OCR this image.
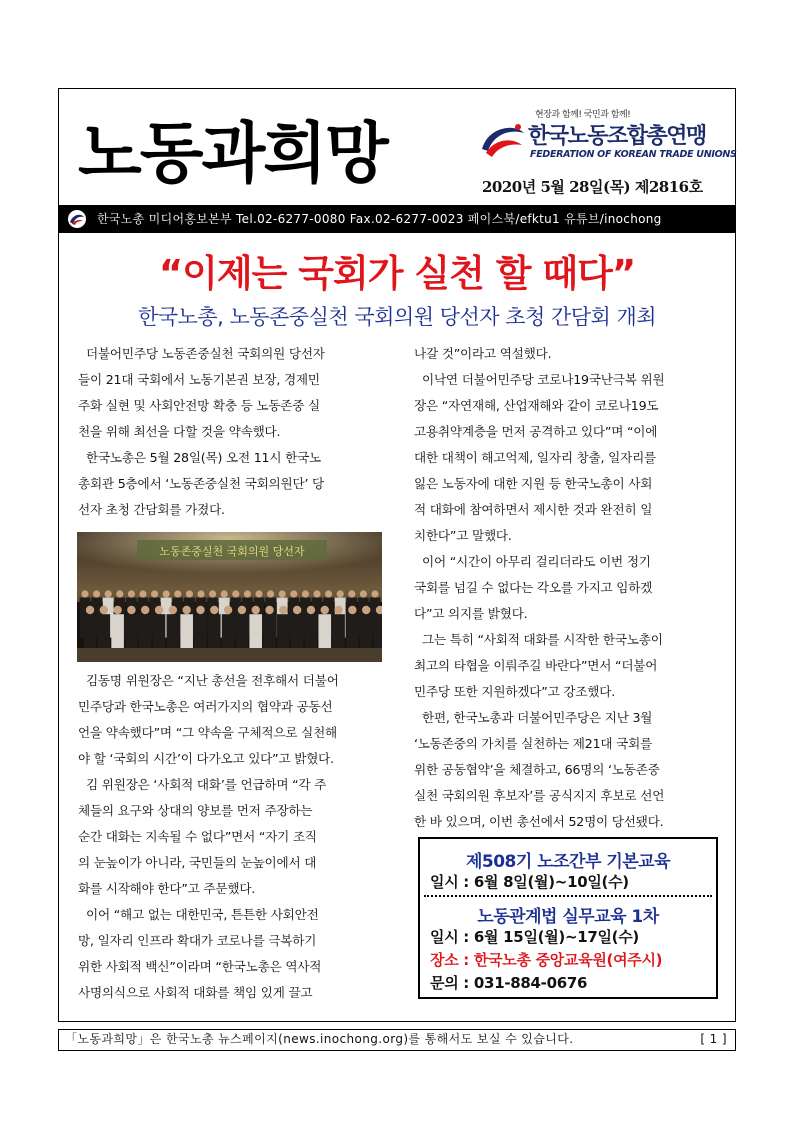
노동과희망	현장과 함께! 국민과 함께!
한국노동조합총연맹
FEDERATION OF KOREAN TRADE UNIONS
2020년 5월 28일(목) 제2816호
한국노총 미디어홍보본부 Tel.02-6277-0080 Fax.02-6277-0023 페이스북/efktu1 유튜브/inochong
“이제는 국회가 실천 할 때다”
한국노총, 노동존중실천 국회의원 당선자 초청 간담회 개최
더불어민주당 노동존중실천 국회의원 당선자
들이 21대 국회에서 노동기본권 보장, 경제민
주화 실현 및 사회안전망 확충 등 노동존중 실
천을 위해 최선을 다할 것을 약속했다.
한국노총은 5월 28일(목) 오전 11시 한국노
총회관 5층에서 ‘노동존중실천 국회의원단’ 당
선자 초청 간담회를 가졌다.
노동존중실천 국회의원 당선자
김동명 위원장은 “지난 총선을 전후해서 더불어
민주당과 한국노총은 여러가지의 협약과 공동선
언을 약속했다”며 “그 약속을 구체적으로 실천해
야 할 ‘국회의 시간’이 다가오고 있다”고 밝혔다.
김 위원장은 ‘사회적 대화’를 언급하며 “각 주
체들의 요구와 상대의 양보를 먼저 주장하는
순간 대화는 지속될 수 없다”면서 “자기 조직
의 눈높이가 아니라, 국민들의 눈높이에서 대
화를 시작해야 한다”고 주문했다.
이어 “해고 없는 대한민국, 튼튼한 사회안전
망, 일자리 인프라 확대가 코로나를 극복하기
위한 사회적 백신”이라며 “한국노총은 역사적
사명의식으로 사회적 대화를 책임 있게 끌고
나갈 것”이라고 역설했다.
이낙연 더불어민주당 코로나19국난극복 위원
장은 “자연재해, 산업재해와 같이 코로나19도
고용취약계층을 먼저 공격하고 있다”며 “이에
대한 대책이 해고억제, 일자리 창출, 일자리를
잃은 노동자에 대한 지원 등 한국노총이 사회
적 대화에 참여하면서 제시한 것과 완전히 일
치한다”고 말했다.
이어 “시간이 아무리 걸리더라도 이번 정기
국회를 넘길 수 없다는 각오를 가지고 임하겠
다”고 의지를 밝혔다.
그는 특히 “사회적 대화를 시작한 한국노총이
최고의 타협을 이뤄주길 바란다”면서 “더불어
민주당 또한 지원하겠다”고 강조했다.
한편, 한국노총과 더불어민주당은 지난 3월
‘노동존중의 가치를 실천하는 제21대 국회를
위한 공동협약’을 체결하고, 66명의 ‘노동존중
실천 국회의원 후보자’를 공식지지 후보로 선언
한 바 있으며, 이번 총선에서 52명이 당선됐다.
제508기 노조간부 기본교육
일시 : 6월 8일(월)~10일(수)
노동관계법 실무교육 1차
일시 : 6월 15일(월)~17일(수)
장소 : 한국노총 중앙교육원(여주시)
문의 : 031-884-0676
「노동과희망」은 한국노총 뉴스페이지(news.inochong.org)를 통해서도 보실 수 있습니다.	[ 1 ]
